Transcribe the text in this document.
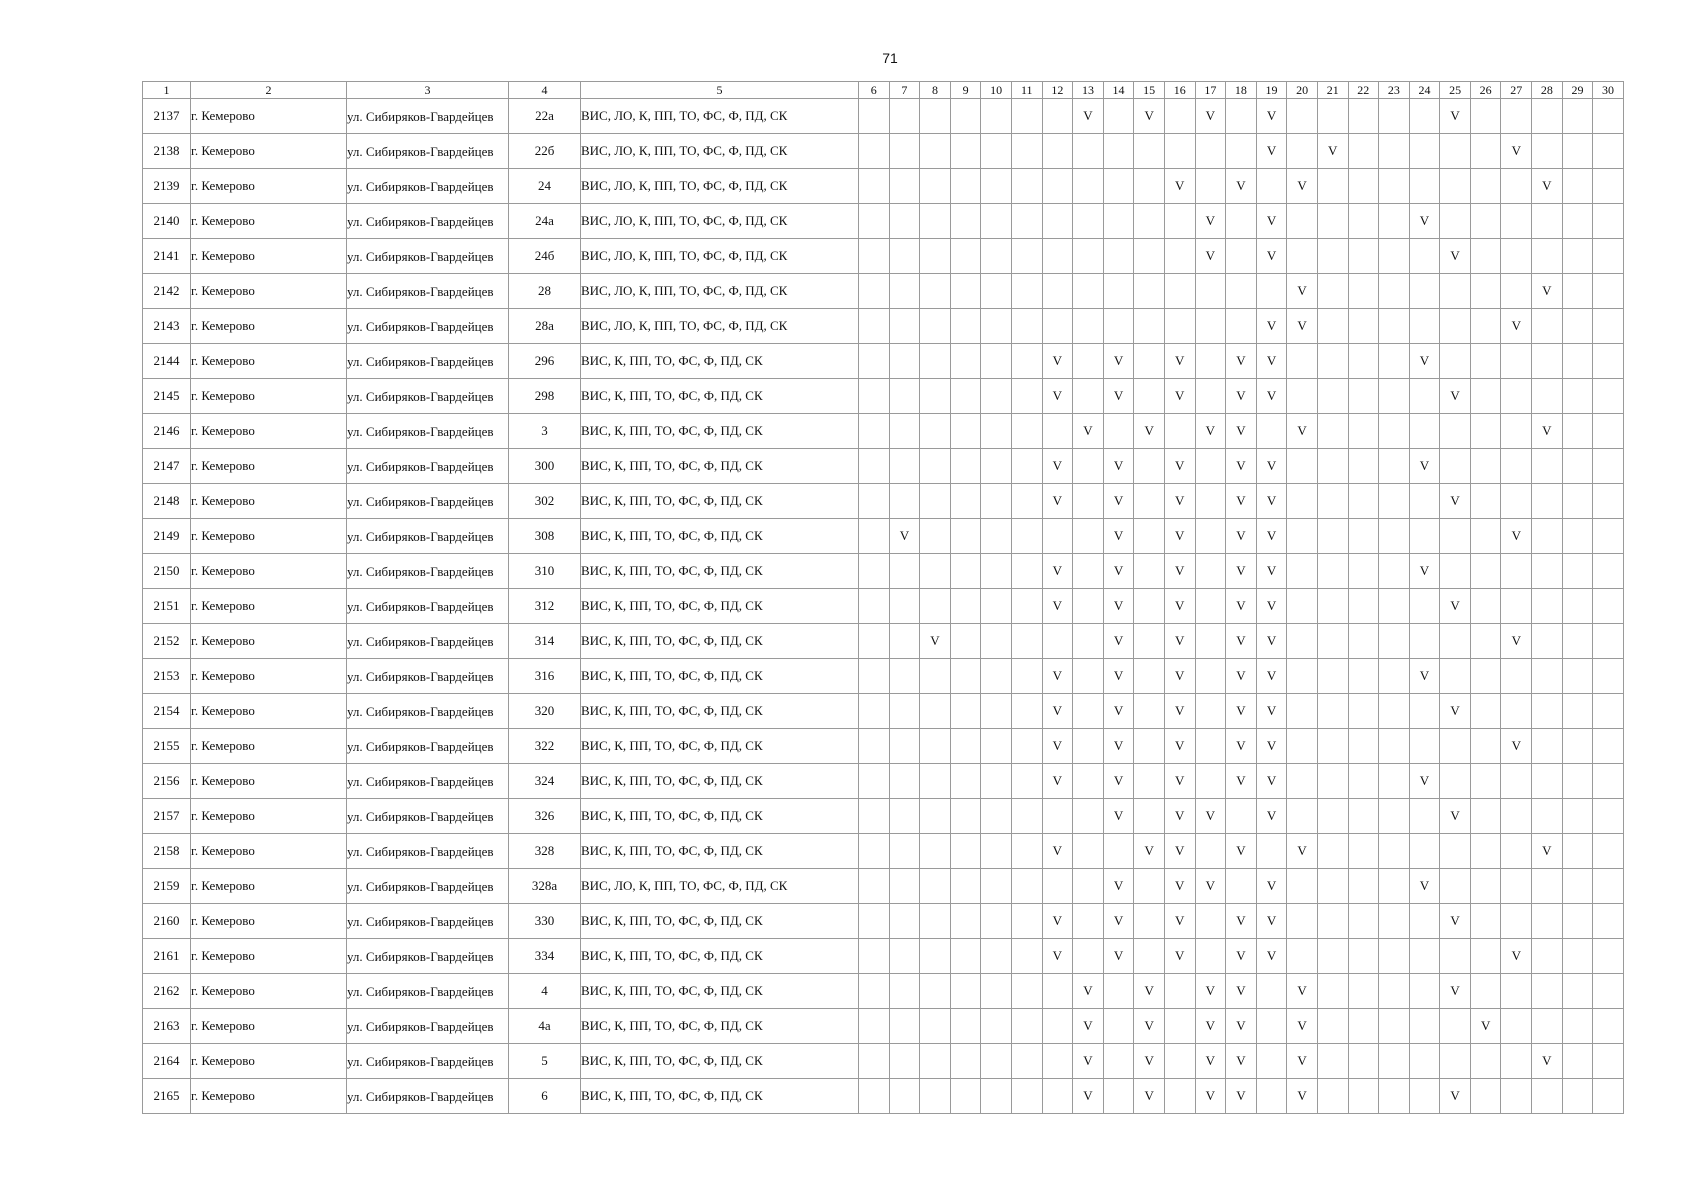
71
1	2	3	4	5	6	7	8	9	10	11	12	13	14	15	16	17	18	19	20	21	22	23	24	25	26	27	28	29	30
2137	г. Кемерово	ул. Сибиряков-Гвардейцев	22а	ВИС, ЛО, К, ПП, ТО, ФС, Ф, ПД, СК								V		V		V		V						V					
2138	г. Кемерово	ул. Сибиряков-Гвардейцев	22б	ВИС, ЛО, К, ПП, ТО, ФС, Ф, ПД, СК														V		V						V			
2139	г. Кемерово	ул. Сибиряков-Гвардейцев	24	ВИС, ЛО, К, ПП, ТО, ФС, Ф, ПД, СК											V		V		V								V		
2140	г. Кемерово	ул. Сибиряков-Гвардейцев	24а	ВИС, ЛО, К, ПП, ТО, ФС, Ф, ПД, СК												V		V					V						
2141	г. Кемерово	ул. Сибиряков-Гвардейцев	24б	ВИС, ЛО, К, ПП, ТО, ФС, Ф, ПД, СК												V		V						V					
2142	г. Кемерово	ул. Сибиряков-Гвардейцев	28	ВИС, ЛО, К, ПП, ТО, ФС, Ф, ПД, СК															V								V		
2143	г. Кемерово	ул. Сибиряков-Гвардейцев	28а	ВИС, ЛО, К, ПП, ТО, ФС, Ф, ПД, СК														V	V							V			
2144	г. Кемерово	ул. Сибиряков-Гвардейцев	296	ВИС, К, ПП, ТО, ФС, Ф, ПД, СК							V		V		V		V	V					V						
2145	г. Кемерово	ул. Сибиряков-Гвардейцев	298	ВИС, К, ПП, ТО, ФС, Ф, ПД, СК							V		V		V		V	V						V					
2146	г. Кемерово	ул. Сибиряков-Гвардейцев	3	ВИС, К, ПП, ТО, ФС, Ф, ПД, СК								V		V		V	V		V								V		
2147	г. Кемерово	ул. Сибиряков-Гвардейцев	300	ВИС, К, ПП, ТО, ФС, Ф, ПД, СК							V		V		V		V	V					V						
2148	г. Кемерово	ул. Сибиряков-Гвардейцев	302	ВИС, К, ПП, ТО, ФС, Ф, ПД, СК							V		V		V		V	V						V					
2149	г. Кемерово	ул. Сибиряков-Гвардейцев	308	ВИС, К, ПП, ТО, ФС, Ф, ПД, СК		V							V		V		V	V								V			
2150	г. Кемерово	ул. Сибиряков-Гвардейцев	310	ВИС, К, ПП, ТО, ФС, Ф, ПД, СК							V		V		V		V	V					V						
2151	г. Кемерово	ул. Сибиряков-Гвардейцев	312	ВИС, К, ПП, ТО, ФС, Ф, ПД, СК							V		V		V		V	V						V					
2152	г. Кемерово	ул. Сибиряков-Гвардейцев	314	ВИС, К, ПП, ТО, ФС, Ф, ПД, СК			V						V		V		V	V								V			
2153	г. Кемерово	ул. Сибиряков-Гвардейцев	316	ВИС, К, ПП, ТО, ФС, Ф, ПД, СК							V		V		V		V	V					V						
2154	г. Кемерово	ул. Сибиряков-Гвардейцев	320	ВИС, К, ПП, ТО, ФС, Ф, ПД, СК							V		V		V		V	V						V					
2155	г. Кемерово	ул. Сибиряков-Гвардейцев	322	ВИС, К, ПП, ТО, ФС, Ф, ПД, СК							V		V		V		V	V								V			
2156	г. Кемерово	ул. Сибиряков-Гвардейцев	324	ВИС, К, ПП, ТО, ФС, Ф, ПД, СК							V		V		V		V	V					V						
2157	г. Кемерово	ул. Сибиряков-Гвардейцев	326	ВИС, К, ПП, ТО, ФС, Ф, ПД, СК									V		V	V		V						V					
2158	г. Кемерово	ул. Сибиряков-Гвардейцев	328	ВИС, К, ПП, ТО, ФС, Ф, ПД, СК							V			V	V		V		V								V		
2159	г. Кемерово	ул. Сибиряков-Гвардейцев	328а	ВИС, ЛО, К, ПП, ТО, ФС, Ф, ПД, СК									V		V	V		V					V						
2160	г. Кемерово	ул. Сибиряков-Гвардейцев	330	ВИС, К, ПП, ТО, ФС, Ф, ПД, СК							V		V		V		V	V						V					
2161	г. Кемерово	ул. Сибиряков-Гвардейцев	334	ВИС, К, ПП, ТО, ФС, Ф, ПД, СК							V		V		V		V	V								V			
2162	г. Кемерово	ул. Сибиряков-Гвардейцев	4	ВИС, К, ПП, ТО, ФС, Ф, ПД, СК								V		V		V	V		V					V					
2163	г. Кемерово	ул. Сибиряков-Гвардейцев	4а	ВИС, К, ПП, ТО, ФС, Ф, ПД, СК								V		V		V	V		V						V				
2164	г. Кемерово	ул. Сибиряков-Гвардейцев	5	ВИС, К, ПП, ТО, ФС, Ф, ПД, СК								V		V		V	V		V								V		
2165	г. Кемерово	ул. Сибиряков-Гвардейцев	6	ВИС, К, ПП, ТО, ФС, Ф, ПД, СК								V		V		V	V		V					V					
